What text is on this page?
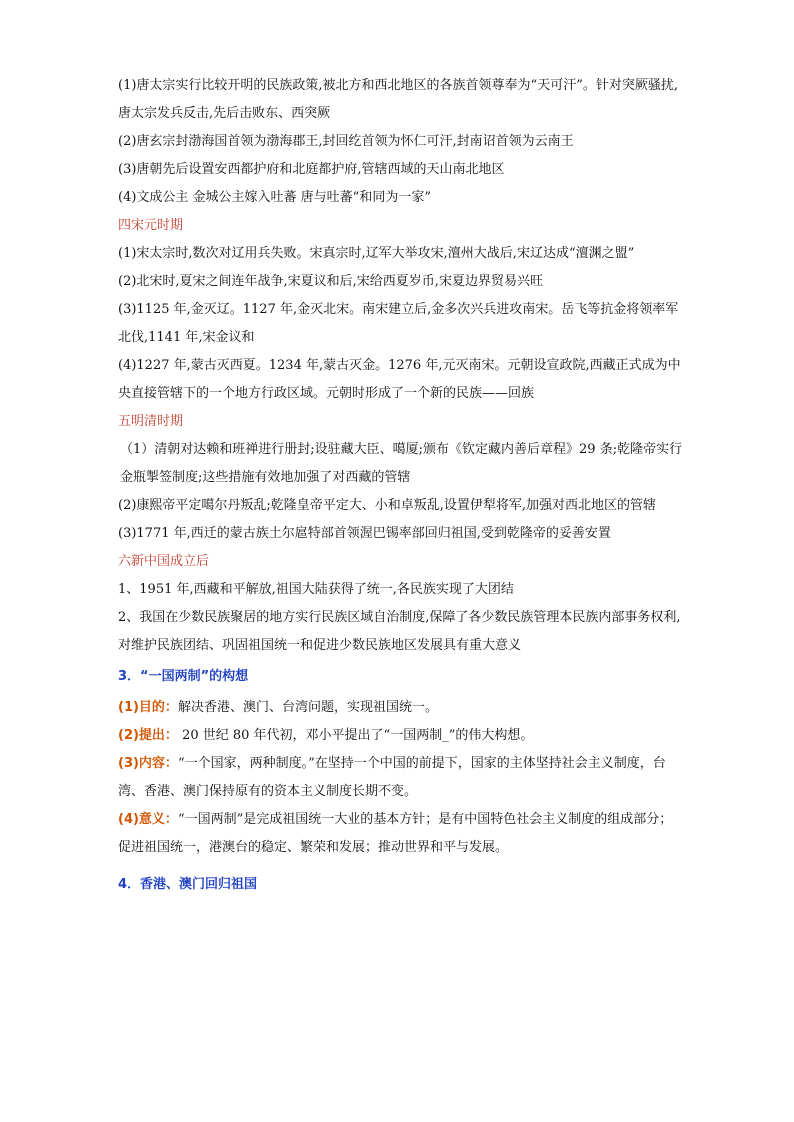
(1)唐太宗实行比较开明的民族政策,被北方和西北地区的各族首领尊奉为“天可汗”。针对突厥骚扰,唐太宗发兵反击,先后击败东、西突厥

(2)唐玄宗封渤海国首领为渤海郡王,封回纥首领为怀仁可汗,封南诏首领为云南王

(3)唐朝先后设置安西都护府和北庭都护府,管辖西域的天山南北地区

(4)文成公主 金城公主嫁入吐蕃 唐与吐蕃“和同为一家”

四宋元时期

(1)宋太宗时,数次对辽用兵失败。宋真宗时,辽军大举攻宋,澶州大战后,宋辽达成“澶渊之盟”

(2)北宋时,夏宋之间连年战争,宋夏议和后,宋给西夏岁币,宋夏边界贸易兴旺

(3)1125 年,金灭辽。1127 年,金灭北宋。南宋建立后,金多次兴兵进攻南宋。岳飞等抗金将领率军北伐,1141 年,宋金议和

(4)1227 年,蒙古灭西夏。1234 年,蒙古灭金。1276 年,元灭南宋。元朝设宣政院,西藏正式成为中央直接管辖下的一个地方行政区域。元朝时形成了一个新的民族——回族

五明清时期

（1）清朝对达赖和班禅进行册封;设驻藏大臣、噶厦;颁布《钦定藏内善后章程》29 条;乾隆帝实行金瓶掣签制度;这些措施有效地加强了对西藏的管辖

(2)康熙帝平定噶尔丹叛乱;乾隆皇帝平定大、小和卓叛乱,设置伊犁将军,加强对西北地区的管辖

(3)1771 年,西迁的蒙古族土尔扈特部首领渥巴锡率部回归祖国,受到乾隆帝的妥善安置

六新中国成立后

1、1951 年,西藏和平解放,祖国大陆获得了统一,各民族实现了大团结

2、我国在少数民族聚居的地方实行民族区域自治制度,保障了各少数民族管理本民族内部事务权利,对维护民族团结、巩固祖国统一和促进少数民族地区发展具有重大意义

3．“一国两制”的构想

(1)目的：解决香港、澳门、台湾问题，实现祖国统一。

(2)提出： 20 世纪 80 年代初，邓小平提出了“一国两制_”的伟大构想。

(3)内容：“一个国家，两种制度。”在坚持一个中国的前提下，国家的主体坚持社会主义制度，台湾、香港、澳门保持原有的资本主义制度长期不变。

(4)意义：“一国两制”是完成祖国统一大业的基本方针；是有中国特色社会主义制度的组成部分；促进祖国统一，港澳台的稳定、繁荣和发展；推动世界和平与发展。

4．香港、澳门回归祖国
